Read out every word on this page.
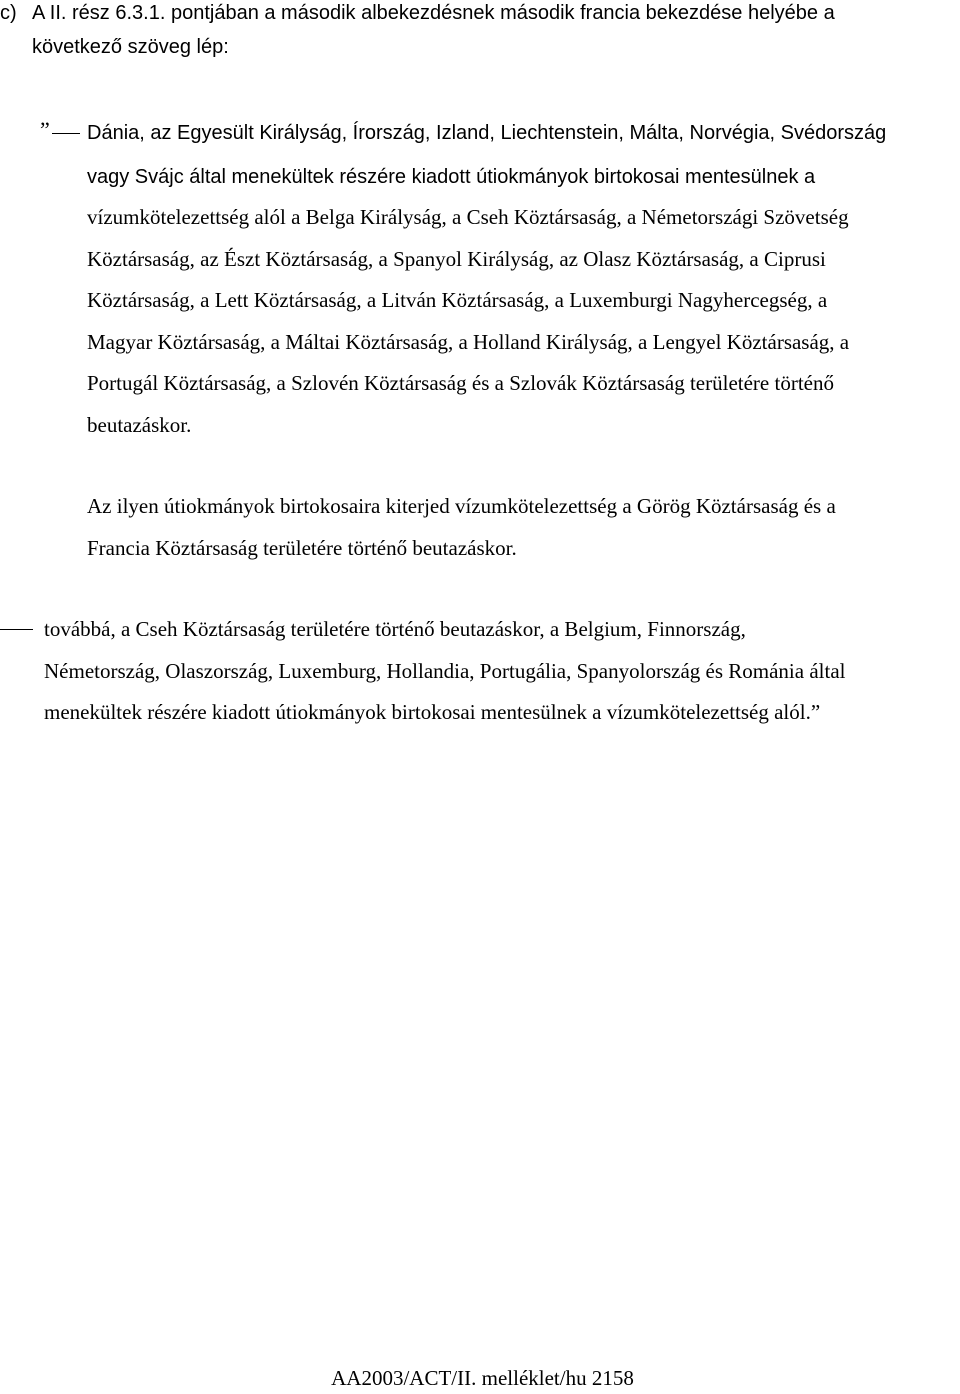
c) A II. rész 6.3.1. pontjában a második albekezdésnek második francia bekezdése helyébe a
következő szöveg lép:
„
Dánia, az Egyesült Királyság, Írország, Izland, Liechtenstein, Málta, Norvégia, Svédország
vagy Svájc által menekültek részére kiadott útiokmányok birtokosai mentesülnek a
vízumkötelezettség alól a Belga Királyság, a Cseh Köztársaság, a Németországi Szövetség
Köztársaság, az Észt Köztársaság, a Spanyol Királyság, az Olasz Köztársaság, a Ciprusi
Köztársaság, a Lett Köztársaság, a Litván Köztársaság, a Luxemburgi Nagyhercegség, a
Magyar Köztársaság, a Máltai Köztársaság, a Holland Királyság, a Lengyel Köztársaság, a
Portugál Köztársaság, a Szlovén Köztársaság és a Szlovák Köztársaság területére történő
beutazáskor.
Az ilyen útiokmányok birtokosaira kiterjed vízumkötelezettség a Görög Köztársaság és a
Francia Köztársaság területére történő beutazáskor.
továbbá, a Cseh Köztársaság területére történő beutazáskor, a Belgium, Finnország,
Németország, Olaszország, Luxemburg, Hollandia, Portugália, Spanyolország és Románia által
menekültek részére kiadott útiokmányok birtokosai mentesülnek a vízumkötelezettség alól.”
AA2003/ACT/II. melléklet/hu 2158
